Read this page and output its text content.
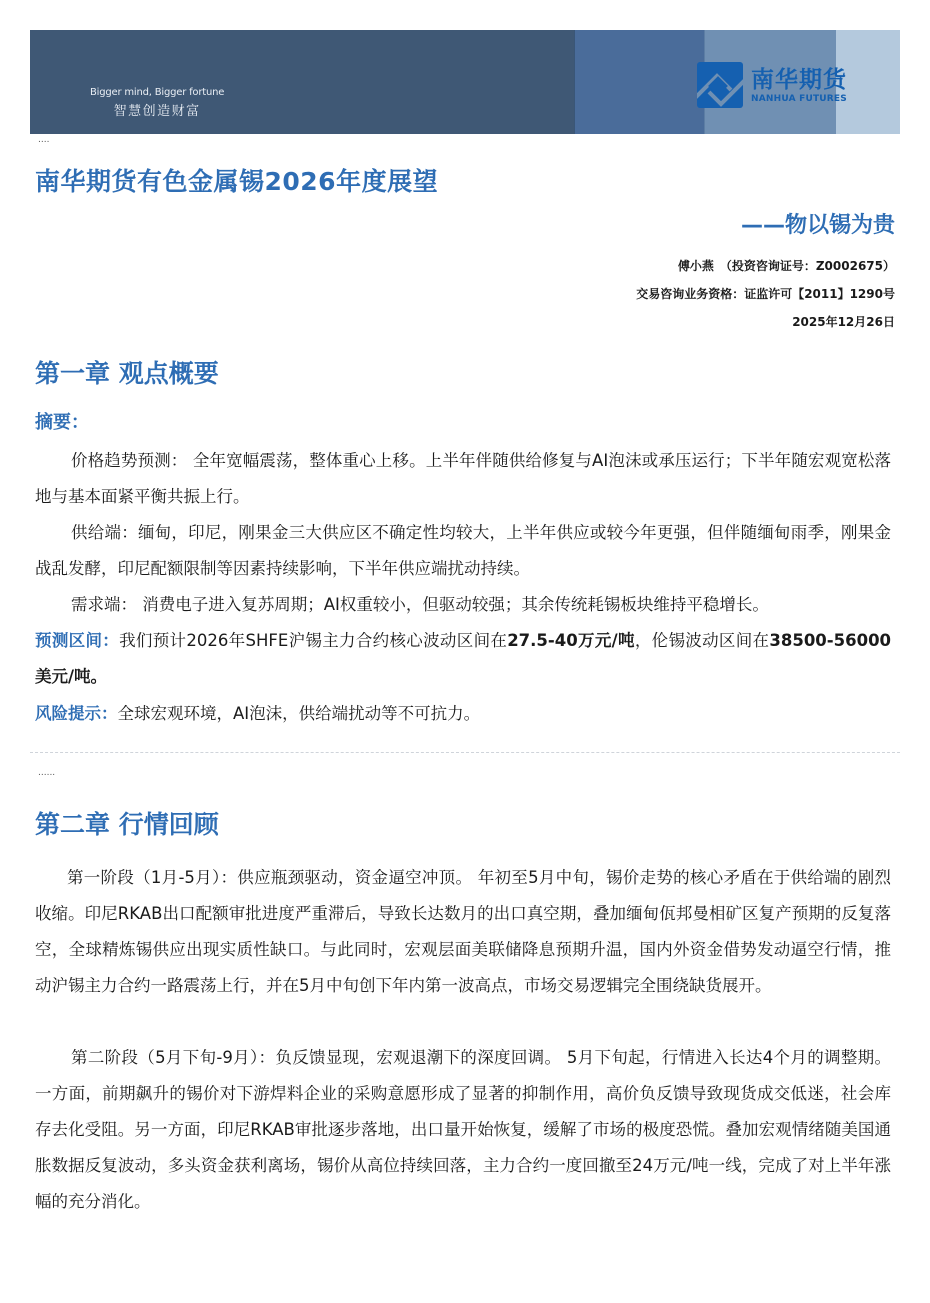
Bigger mind, Bigger fortune
智慧创造财富
南华期货
NANHUA FUTURES
....
南华期货有色金属锡2026年度展望
——物以锡为贵
傅小燕　（投资咨询证号：Z0002675）
交易咨询业务资格：证监许可【2011】1290号
2025年12月26日
第一章 观点概要
摘要：
价格趋势预测： 全年宽幅震荡，整体重心上移。上半年伴随供给修复与AI泡沫或承压运行；下半年随宏观宽松落地与基本面紧平衡共振上行。
供给端：缅甸，印尼，刚果金三大供应区不确定性均较大，上半年供应或较今年更强，但伴随缅甸雨季，刚果金战乱发酵，印尼配额限制等因素持续影响，下半年供应端扰动持续。
需求端： 消费电子进入复苏周期；AI权重较小，但驱动较强；其余传统耗锡板块维持平稳增长。
预测区间：我们预计2026年SHFE沪锡主力合约核心波动区间在27.5-40万元/吨，伦锡波动区间在38500-56000美元/吨。
风险提示：全球宏观环境，AI泡沫，供给端扰动等不可抗力。
......
第二章 行情回顾
第一阶段（1月-5月）：供应瓶颈驱动，资金逼空冲顶。 年初至5月中旬，锡价走势的核心矛盾在于供给端的剧烈收缩。印尼RKAB出口配额审批进度严重滞后，导致长达数月的出口真空期，叠加缅甸佤邦曼相矿区复产预期的反复落空，全球精炼锡供应出现实质性缺口。与此同时，宏观层面美联储降息预期升温，国内外资金借势发动逼空行情，推动沪锡主力合约一路震荡上行，并在5月中旬创下年内第一波高点，市场交易逻辑完全围绕缺货展开。
第二阶段（5月下旬-9月）：负反馈显现，宏观退潮下的深度回调。 5月下旬起，行情进入长达4个月的调整期。一方面，前期飙升的锡价对下游焊料企业的采购意愿形成了显著的抑制作用，高价负反馈导致现货成交低迷，社会库存去化受阻。另一方面，印尼RKAB审批逐步落地，出口量开始恢复，缓解了市场的极度恐慌。叠加宏观情绪随美国通胀数据反复波动，多头资金获利离场，锡价从高位持续回落，主力合约一度回撤至24万元/吨一线，完成了对上半年涨幅的充分消化。
